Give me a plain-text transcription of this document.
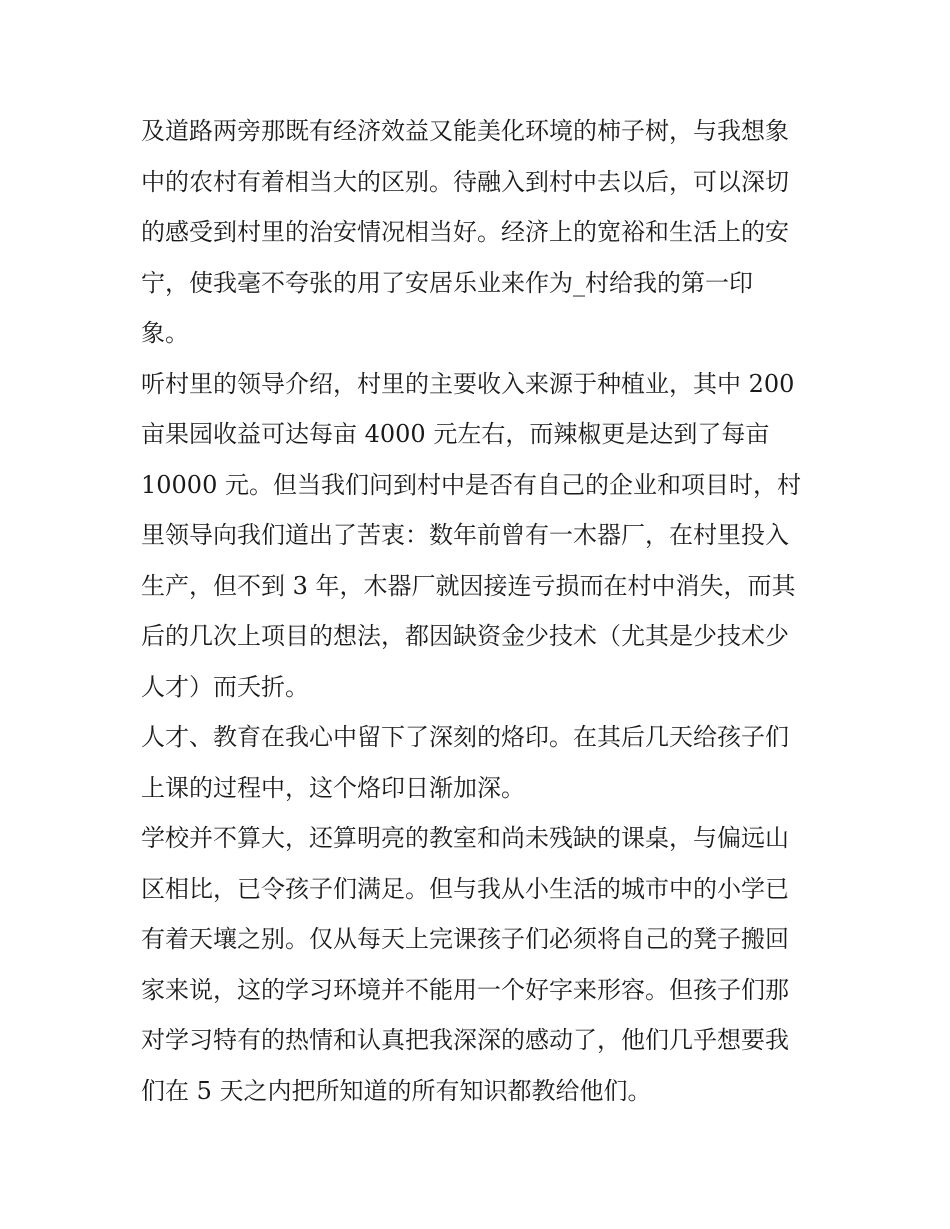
及道路两旁那既有经济效益又能美化环境的柿子树，与我想象
中的农村有着相当大的区别。待融入到村中去以后，可以深切
的感受到村里的治安情况相当好。经济上的宽裕和生活上的安
宁，使我毫不夸张的用了安居乐业来作为_村给我的第一印
象。
听村里的领导介绍，村里的主要收入来源于种植业，其中 200
亩果园收益可达每亩 4000 元左右，而辣椒更是达到了每亩
10000 元。但当我们问到村中是否有自己的企业和项目时，村
里领导向我们道出了苦衷：数年前曾有一木器厂，在村里投入
生产，但不到 3 年，木器厂就因接连亏损而在村中消失，而其
后的几次上项目的想法，都因缺资金少技术（尤其是少技术少
人才）而夭折。
人才、教育在我心中留下了深刻的烙印。在其后几天给孩子们
上课的过程中，这个烙印日渐加深。
学校并不算大，还算明亮的教室和尚未残缺的课桌，与偏远山
区相比，已令孩子们满足。但与我从小生活的城市中的小学已
有着天壤之别。仅从每天上完课孩子们必须将自己的凳子搬回
家来说，这的学习环境并不能用一个好字来形容。但孩子们那
对学习特有的热情和认真把我深深的感动了，他们几乎想要我
们在 5 天之内把所知道的所有知识都教给他们。
